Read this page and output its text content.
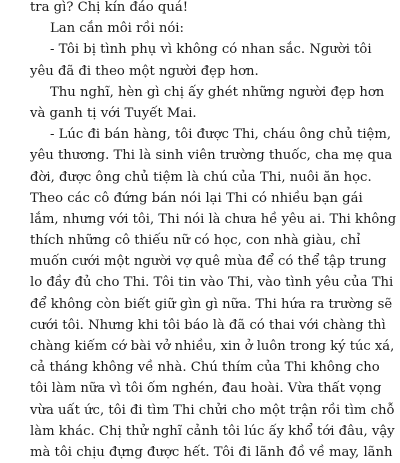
tra gì? Chị kín đáo quá!
Lan cắn môi rồi nói:
- Tôi bị tình phụ vì không có nhan sắc. Người tôi
yêu đã đi theo một người đẹp hơn.
Thu nghĩ, hèn gì chị ấy ghét những người đẹp hơn
và ganh tị với Tuyết Mai.
- Lúc đi bán hàng, tôi được Thi, cháu ông chủ tiệm,
yêu thương. Thi là sinh viên trường thuốc, cha mẹ qua
đời, được ông chủ tiệm là chú của Thi, nuôi ăn học.
Theo các cô đứng bán nói lại Thi có nhiều bạn gái
lắm, nhưng với tôi, Thi nói là chưa hề yêu ai. Thi không
thích những cô thiếu nữ có học, con nhà giàu, chỉ
muốn cưới một người vợ quê mùa để có thể tập trung
lo đầy đủ cho Thi. Tôi tin vào Thi, vào tình yêu của Thi
để không còn biết giữ gìn gì nữa. Thi hứa ra trường sẽ
cưới tôi. Nhưng khi tôi báo là đã có thai với chàng thì
chàng kiếm cớ bài vở nhiều, xin ở luôn trong ký túc xá,
cả tháng không về nhà. Chú thím của Thi không cho
tôi làm nữa vì tôi ốm nghén, đau hoài. Vừa thất vọng
vừa uất ức, tôi đi tìm Thi chửi cho một trận rồi tìm chỗ
làm khác. Chị thử nghĩ cảnh tôi lúc ấy khổ tới đâu, vậy
mà tôi chịu đựng được hết. Tôi đi lãnh đồ về may, lãnh
